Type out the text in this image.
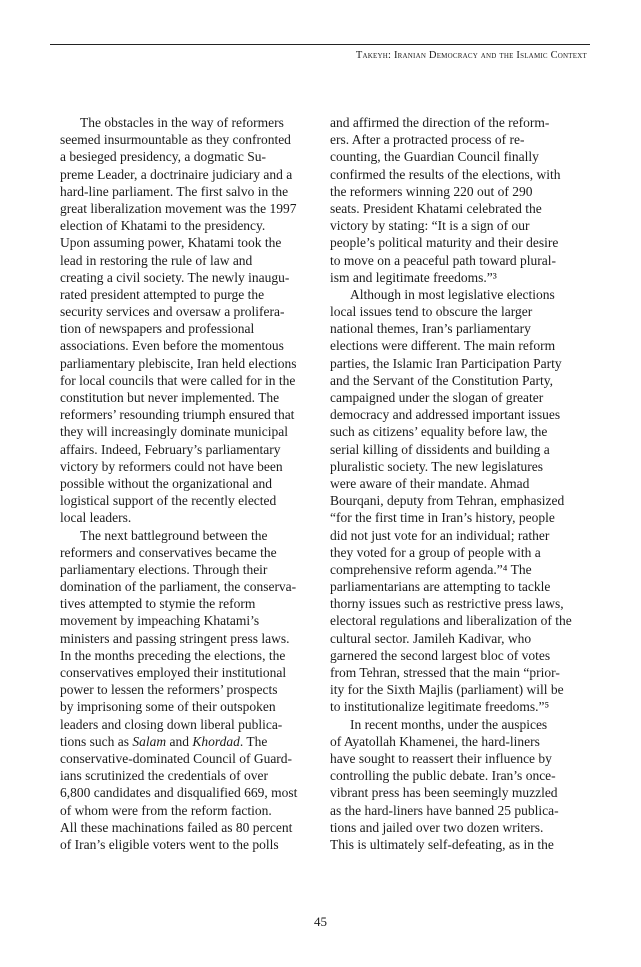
Takeyh: Iranian Democracy and the Islamic Context
The obstacles in the way of reformers
seemed insurmountable as they confronted
a besieged presidency, a dogmatic Su-
preme Leader, a doctrinaire judiciary and a
hard-line parliament. The first salvo in the
great liberalization movement was the 1997
election of Khatami to the presidency.
Upon assuming power, Khatami took the
lead in restoring the rule of law and
creating a civil society. The newly inaugu-
rated president attempted to purge the
security services and oversaw a prolifera-
tion of newspapers and professional
associations. Even before the momentous
parliamentary plebiscite, Iran held elections
for local councils that were called for in the
constitution but never implemented. The
reformers’ resounding triumph ensured that
they will increasingly dominate municipal
affairs. Indeed, February’s parliamentary
victory by reformers could not have been
possible without the organizational and
logistical support of the recently elected
local leaders.
The next battleground between the
reformers and conservatives became the
parliamentary elections. Through their
domination of the parliament, the conserva-
tives attempted to stymie the reform
movement by impeaching Khatami’s
ministers and passing stringent press laws.
In the months preceding the elections, the
conservatives employed their institutional
power to lessen the reformers’ prospects
by imprisoning some of their outspoken
leaders and closing down liberal publica-
tions such as Salam and Khordad. The
conservative-dominated Council of Guard-
ians scrutinized the credentials of over
6,800 candidates and disqualified 669, most
of whom were from the reform faction.
All these machinations failed as 80 percent
of Iran’s eligible voters went to the polls
and affirmed the direction of the reform-
ers. After a protracted process of re-
counting, the Guardian Council finally
confirmed the results of the elections, with
the reformers winning 220 out of 290
seats. President Khatami celebrated the
victory by stating: “It is a sign of our
people’s political maturity and their desire
to move on a peaceful path toward plural-
ism and legitimate freedoms.”³
Although in most legislative elections
local issues tend to obscure the larger
national themes, Iran’s parliamentary
elections were different. The main reform
parties, the Islamic Iran Participation Party
and the Servant of the Constitution Party,
campaigned under the slogan of greater
democracy and addressed important issues
such as citizens’ equality before law, the
serial killing of dissidents and building a
pluralistic society. The new legislatures
were aware of their mandate. Ahmad
Bourqani, deputy from Tehran, emphasized
“for the first time in Iran’s history, people
did not just vote for an individual; rather
they voted for a group of people with a
comprehensive reform agenda.”⁴ The
parliamentarians are attempting to tackle
thorny issues such as restrictive press laws,
electoral regulations and liberalization of the
cultural sector. Jamileh Kadivar, who
garnered the second largest bloc of votes
from Tehran, stressed that the main “prior-
ity for the Sixth Majlis (parliament) will be
to institutionalize legitimate freedoms.”⁵
In recent months, under the auspices
of Ayatollah Khamenei, the hard-liners
have sought to reassert their influence by
controlling the public debate. Iran’s once-
vibrant press has been seemingly muzzled
as the hard-liners have banned 25 publica-
tions and jailed over two dozen writers.
This is ultimately self-defeating, as in the
45
